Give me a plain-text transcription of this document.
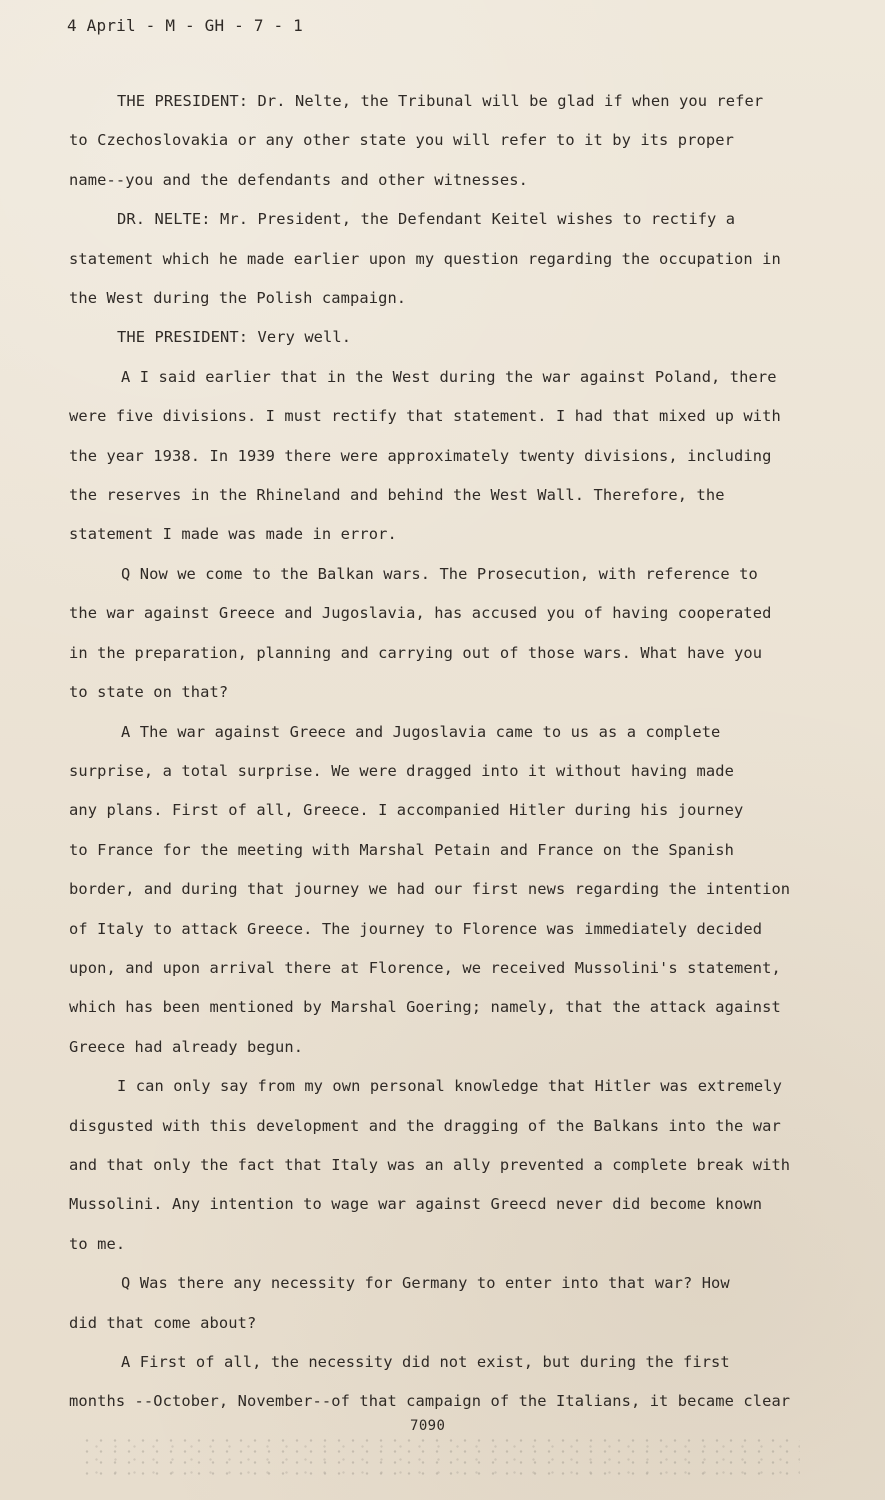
4 April - M - GH - 7 - 1

THE PRESIDENT: Dr. Nelte, the Tribunal will be glad if when you refer

to Czechoslovakia or any other state you will refer to it by its proper

name--you and the defendants and other witnesses.

DR. NELTE: Mr. President, the Defendant Keitel wishes to rectify a

statement which he made earlier upon my question regarding the occupation in

the West during the Polish campaign.

THE PRESIDENT: Very well.

A I said earlier that in the West during the war against Poland, there

were five divisions. I must rectify that statement. I had that mixed up with

the year 1938. In 1939 there were approximately twenty divisions, including

the reserves in the Rhineland and behind the West Wall. Therefore, the

statement I made was made in error.

Q Now we come to the Balkan wars. The Prosecution, with reference to

the war against Greece and Jugoslavia, has accused you of having cooperated

in the preparation, planning and carrying out of those wars. What have you

to state on that?

A The war against Greece and Jugoslavia came to us as a complete

surprise, a total surprise. We were dragged into it without having made

any plans. First of all, Greece. I accompanied Hitler during his journey

to France for the meeting with Marshal Petain and France on the Spanish

border, and during that journey we had our first news regarding the intention

of Italy to attack Greece. The journey to Florence was immediately decided

upon, and upon arrival there at Florence, we received Mussolini's statement,

which has been mentioned by Marshal Goering; namely, that the attack against

Greece had already begun.

I can only say from my own personal knowledge that Hitler was extremely

disgusted with this development and the dragging of the Balkans into the war

and that only the fact that Italy was an ally prevented a complete break with

Mussolini. Any intention to wage war against Greecd never did become known

to me.

Q Was there any necessity for Germany to enter into that war? How

did that come about?

A First of all, the necessity did not exist, but during the first

months --October, November--of that campaign of the Italians, it became clear

7090
